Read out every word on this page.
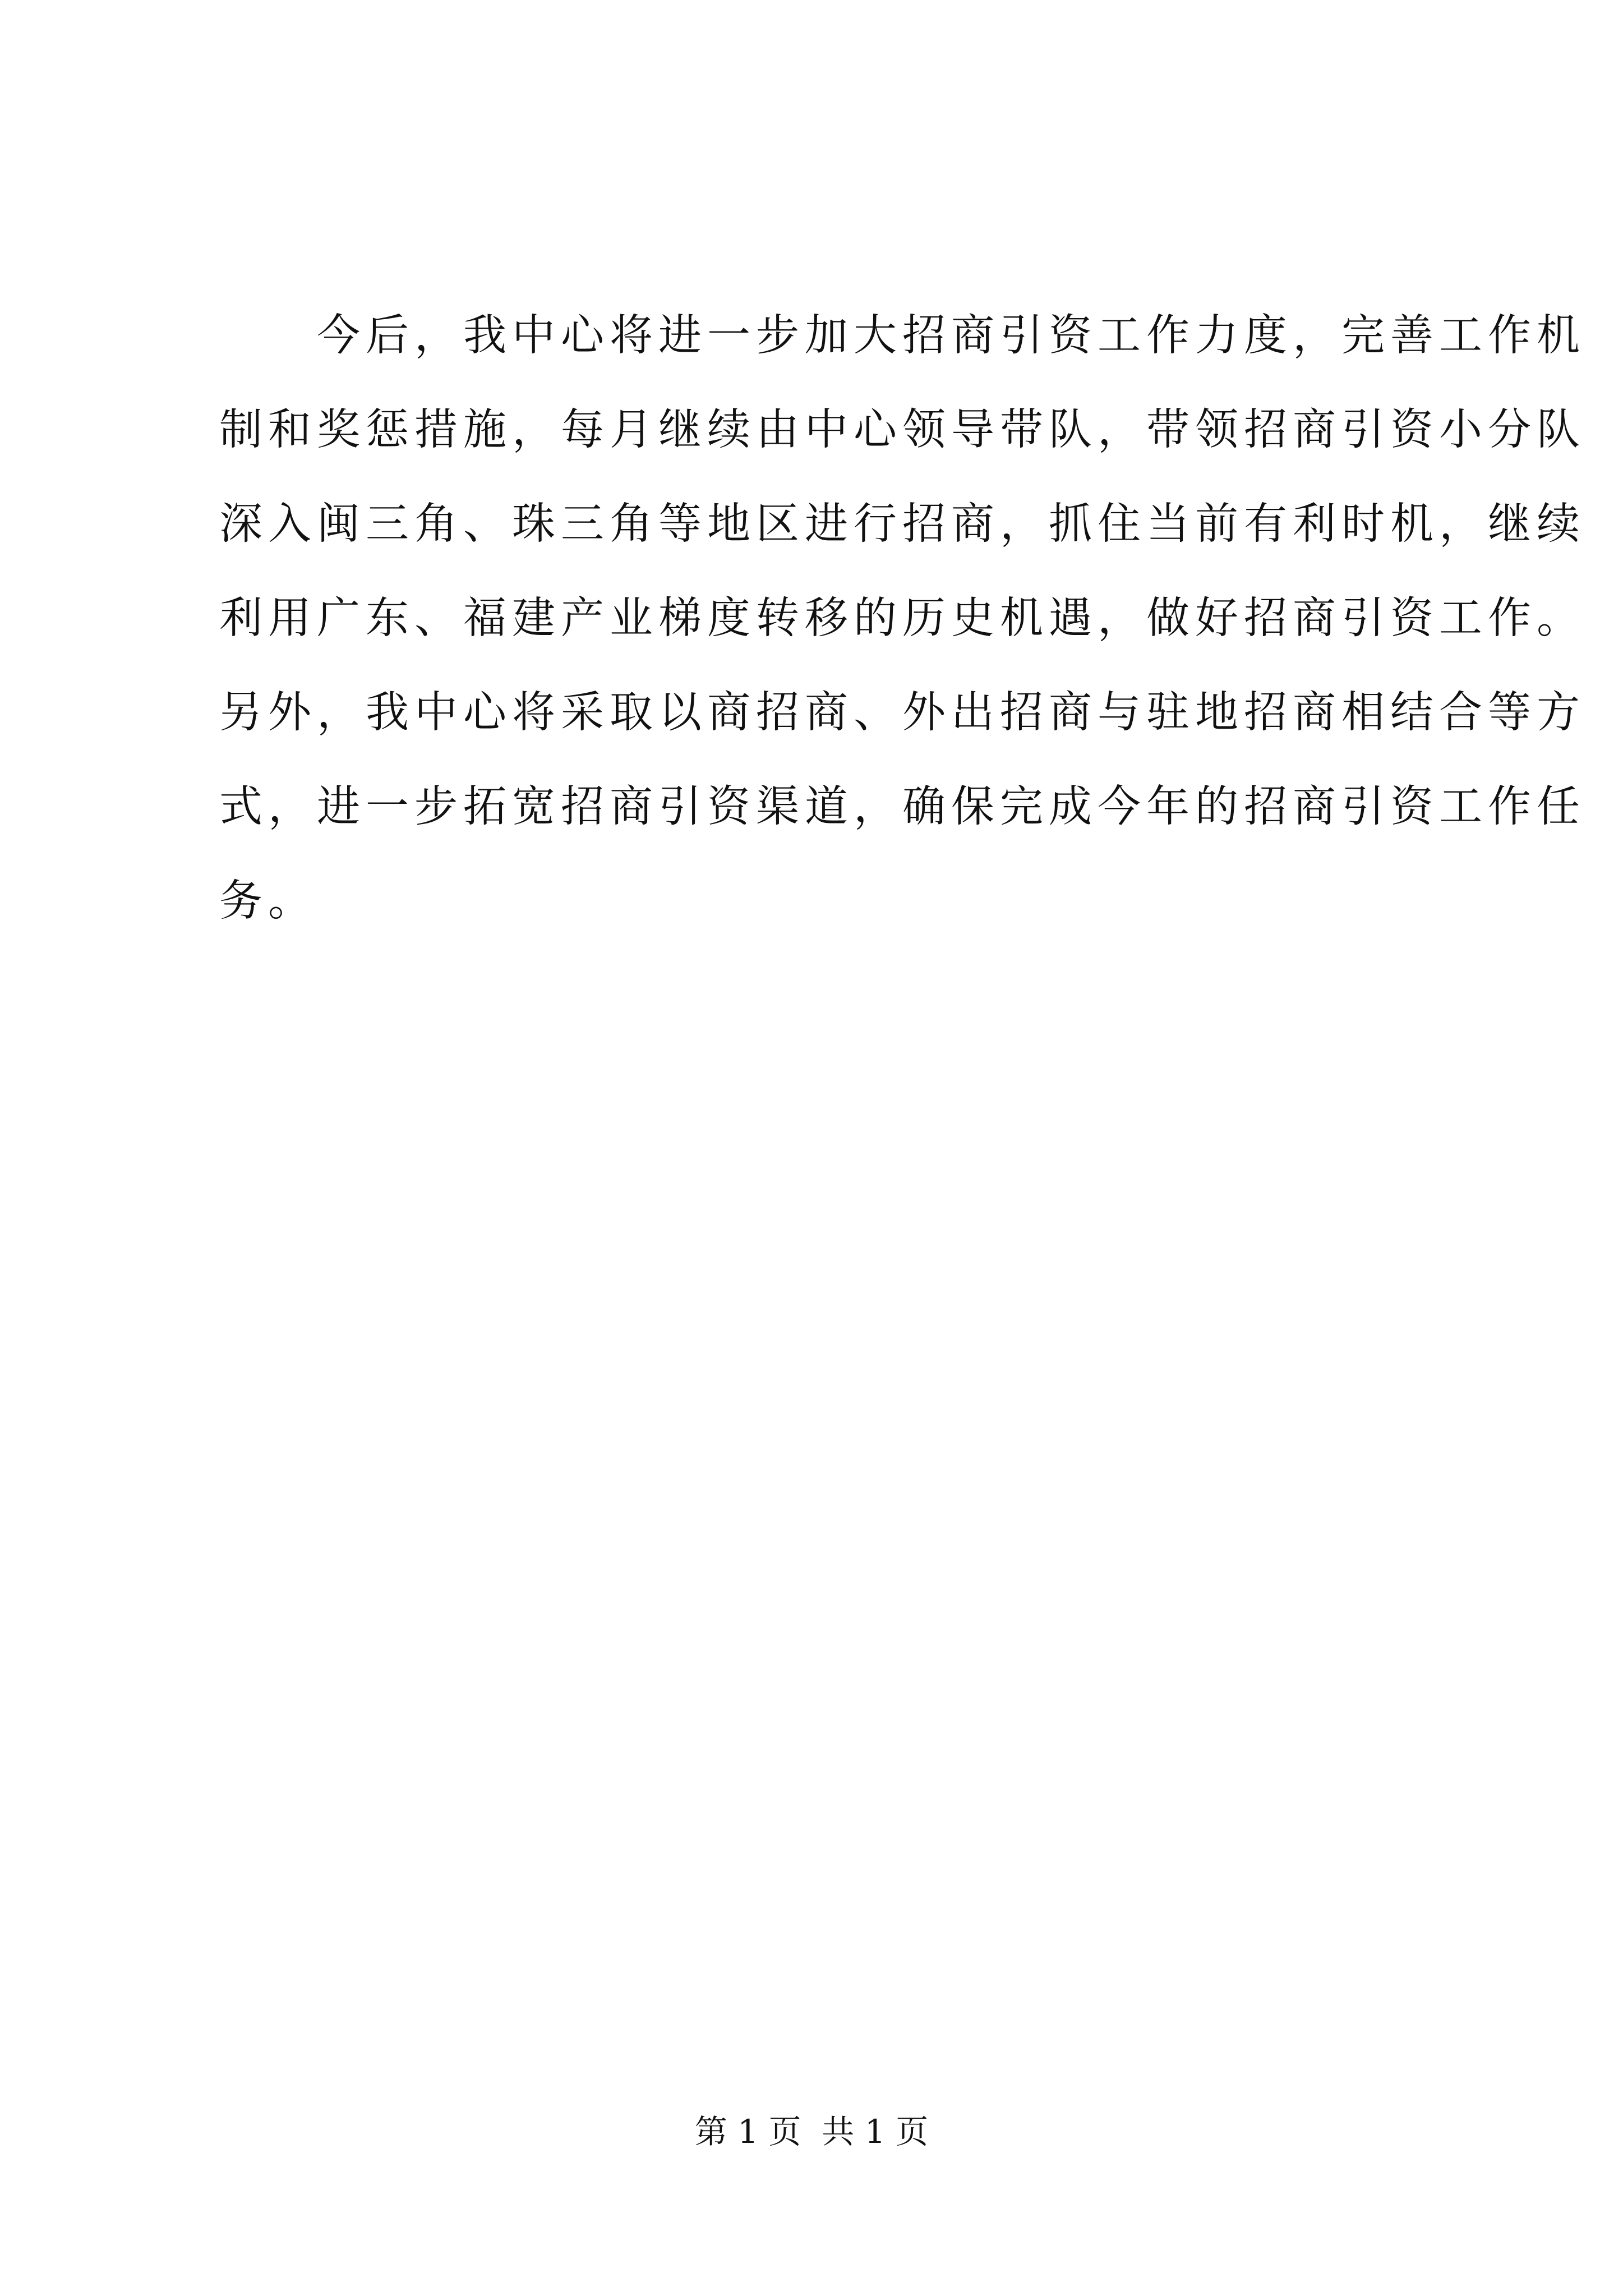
　　今后，我中心将进一步加大招商引资工作力度，完善工作机
制和奖惩措施，每月继续由中心领导带队，带领招商引资小分队
深入闽三角、珠三角等地区进行招商，抓住当前有利时机，继续
利用广东、福建产业梯度转移的历史机遇，做好招商引资工作。
另外，我中心将采取以商招商、外出招商与驻地招商相结合等方
式，进一步拓宽招商引资渠道，确保完成今年的招商引资工作任
务。
第 1 页  共 1 页
